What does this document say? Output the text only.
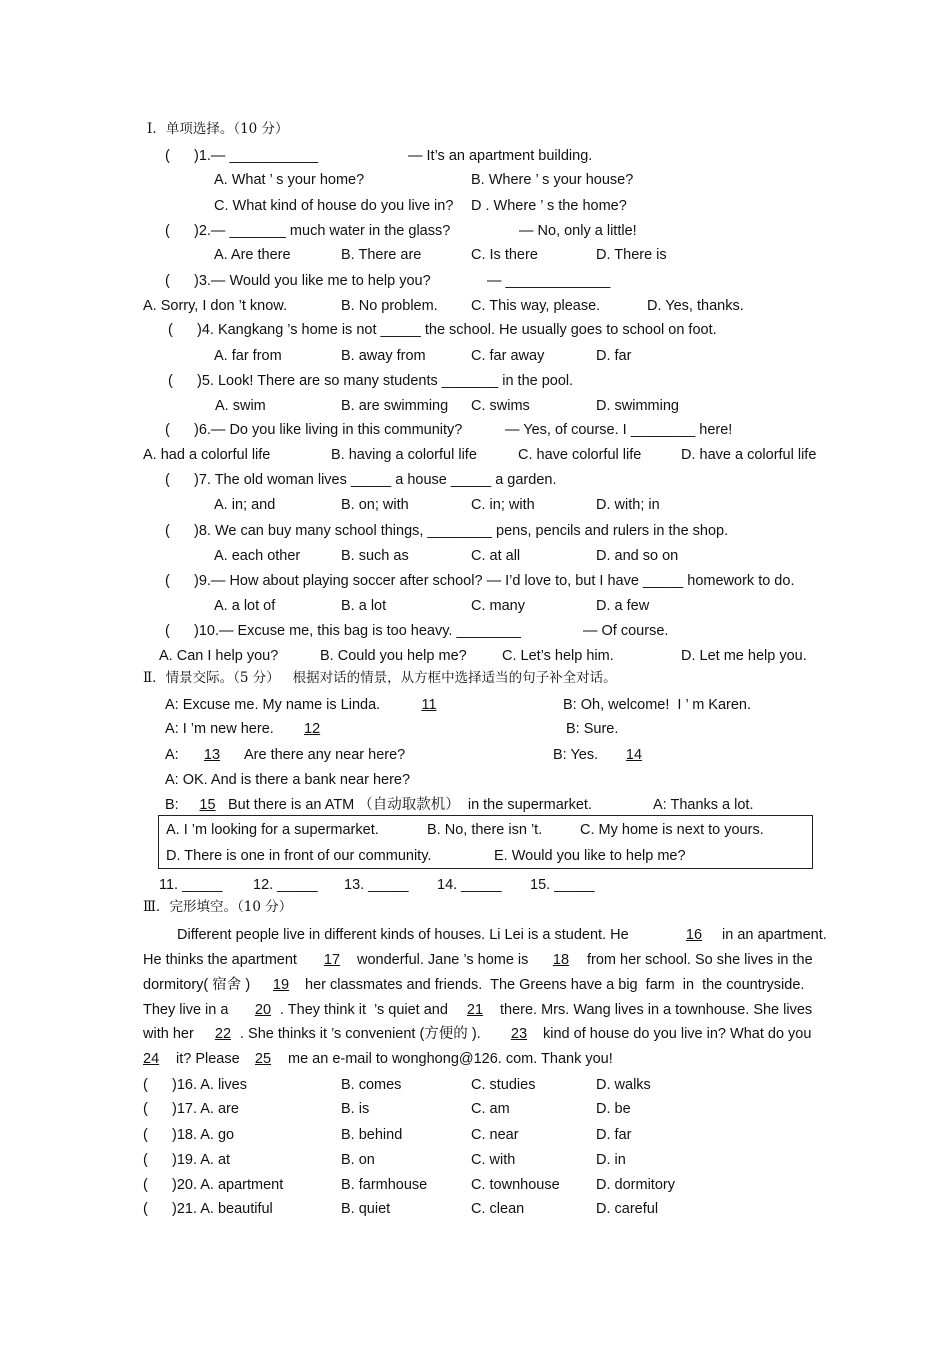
Ⅰ．单项选择。（10 分）
(      )1.— ___________	— It’s an apartment building.
A. What ’ s your home?	B. Where ’ s your house?
C. What kind of house do you live in? D . Where ’ s the home?
(      )2.— _______ much water in the glass?	— No, only a little!
A. Are there	B. There are	C. Is there	D. There is
(      )3.— Would you like me to help you?	— _____________
A. Sorry, I don ’t know.	B. No problem. C. This way, please.	D. Yes, thanks.
(      )4. Kangkang ’s home is not _____ the school. He usually goes to school on foot.
A. far from	B. away from	C. far away	D. far
(      )5. Look! There are so many students _______ in the pool.
A. swim	B. are swimming C. swims	D. swimming
(      )6.— Do you like living in this community?	— Yes, of course. I ________ here!
A. had a colorful life	B. having a colorful life	C. have colorful life	D. have a colorful life
(      )7. The old woman lives _____ a house _____ a garden.
A. in; and	B. on; with	C. in; with	D. with; in
(      )8. We can buy many school things, ________ pens, pencils and rulers in the shop.
A. each other	B. such as	C. at all	D. and so on
(      )9.— How about playing soccer after school? — I’d love to, but I have _____ homework to do.
A. a lot of	B. a lot	C. many	D. a few
(      )10.— Excuse me, this bag is too heavy. ________	— Of course.
A. Can I help you?	B. Could you help me? C. Let’s help him.	D. Let me help you.
Ⅱ．情景交际。（5 分）   根据对话的情景，从方框中选择适当的句子补全对话。
A: Excuse me. My name is Linda.	11	B: Oh, welcome!  I ’ m Karen.
A: I ’m new here.	12	B: Sure.
A:	13	Are there any near here?	B: Yes.	14
A: OK. And is there a bank near here?
B:	15 But there is an ATM （自动取款机）  in the supermarket.	A: Thanks a lot.
A. I ’m looking for a supermarket.	B. No, there isn ’t.	C. My home is next to yours.
D. There is one in front of our community.	E. Would you like to help me?
11. _____ 12. _____ 13. _____ 14. _____ 15. _____
Ⅲ．完形填空。（10 分）
Different people live in different kinds of houses. Li Lei is a student. He	16	in an apartment.
He thinks the apartment	17	wonderful. Jane ’s home is	18	from her school. So she lives in the
dormitory( 宿舍 )	19	her classmates and friends.  The Greens have a big  farm  in  the countryside.
They live in a	20 . They think it  ’s quiet and	21	there. Mrs. Wang lives in a townhouse. She lives
with her	22 . She thinks it ’s convenient (方便的 ).	23	kind of house do you live in? What do you
24	it? Please	25	me an e-mail to wonghong@126. com. Thank you!
(      )16. A. lives	B. comes	C. studies	D. walks
(      )17. A. are	B. is	C. am	D. be
(      )18. A. go	B. behind	C. near	D. far
(      )19. A. at	B. on	C. with	D. in
(      )20. A. apartment	B. farmhouse	C. townhouse	D. dormitory
(      )21. A. beautiful	B. quiet	C. clean	D. careful
